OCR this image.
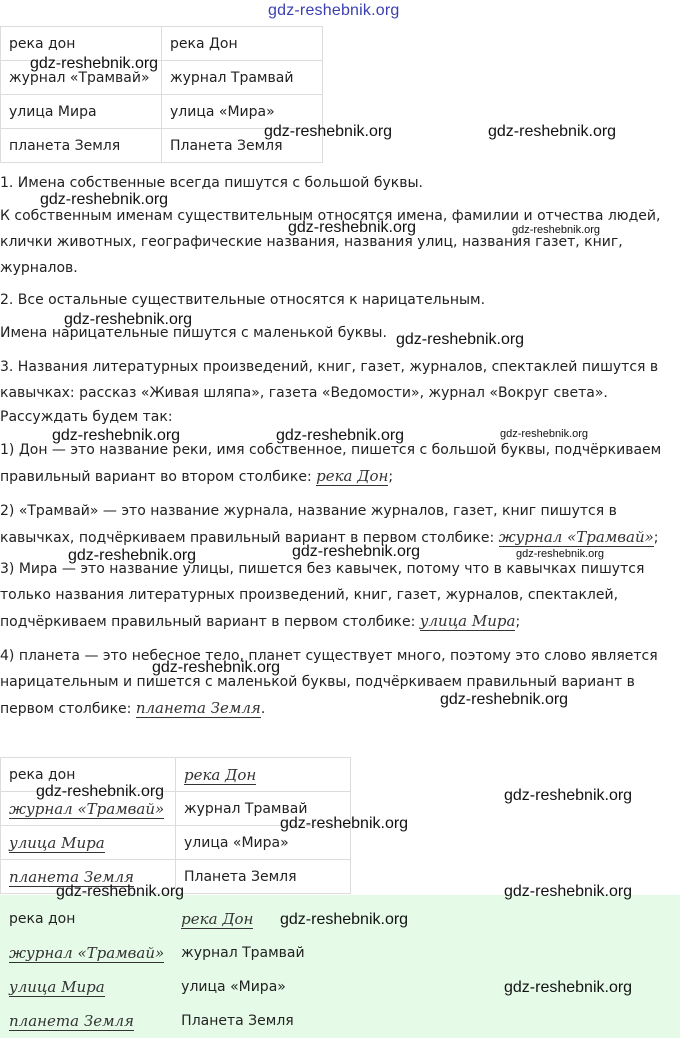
gdz-reshebnik.org
река дон	река Дон
журнал «Трамвай»	журнал Трамвай
улица Мира	улица «Мира»
планета Земля	Планета Земля

1. Имена собственные всегда пишутся с большой буквы.

К собственным именам существительным относятся имена, фамилии и отчества людей, клички животных, географические названия, названия улиц, названия газет, книг, журналов.

2. Все остальные существительные относятся к нарицательным.

Имена нарицательные пишутся с маленькой буквы.

3. Названия литературных произведений, книг, газет, журналов, спектаклей пишутся в кавычках: рассказ «Живая шляпа», газета «Ведомости», журнал «Вокруг света».

Рассуждать будем так:

1) Дон — это название реки, имя собственное, пишется с большой буквы, подчёркиваем правильный вариант во втором столбике: река Дон;

2) «Трамвай» — это название журнала, название журналов, газет, книг пишутся в кавычках, подчёркиваем правильный вариант в первом столбике: журнал «Трамвай»;

3) Мира — это название улицы, пишется без кавычек, потому что в кавычках пишутся только названия литературных произведений, книг, газет, журналов, спектаклей, подчёркиваем правильный вариант в первом столбике: улица Мира;

4) планета — это небесное тело, планет существует много, поэтому это слово является нарицательным и пишется с маленькой буквы, подчёркиваем правильный вариант в первом столбике: планета Земля.

река дон	река Дон
журнал «Трамвай»	журнал Трамвай
улица Мира	улица «Мира»
планета Земля	Планета Земля
река дон	река Дон
журнал «Трамвай»	журнал Трамвай
улица Мира	улица «Мира»
планета Земля	Планета Земля
gdz-reshebnik.org
gdz-reshebnik.org	gdz-reshebnik.org
gdz-reshebnik.org
gdz-reshebnik.org	gdz-reshebnik.org
gdz-reshebnik.org
gdz-reshebnik.org
gdz-reshebnik.org	gdz-reshebnik.org	gdz-reshebnik.org
gdz-reshebnik.org	gdz-reshebnik.org	gdz-reshebnik.org
gdz-reshebnik.org
gdz-reshebnik.org
gdz-reshebnik.org	gdz-reshebnik.org
gdz-reshebnik.org
gdz-reshebnik.org	gdz-reshebnik.org
gdz-reshebnik.org
gdz-reshebnik.org
